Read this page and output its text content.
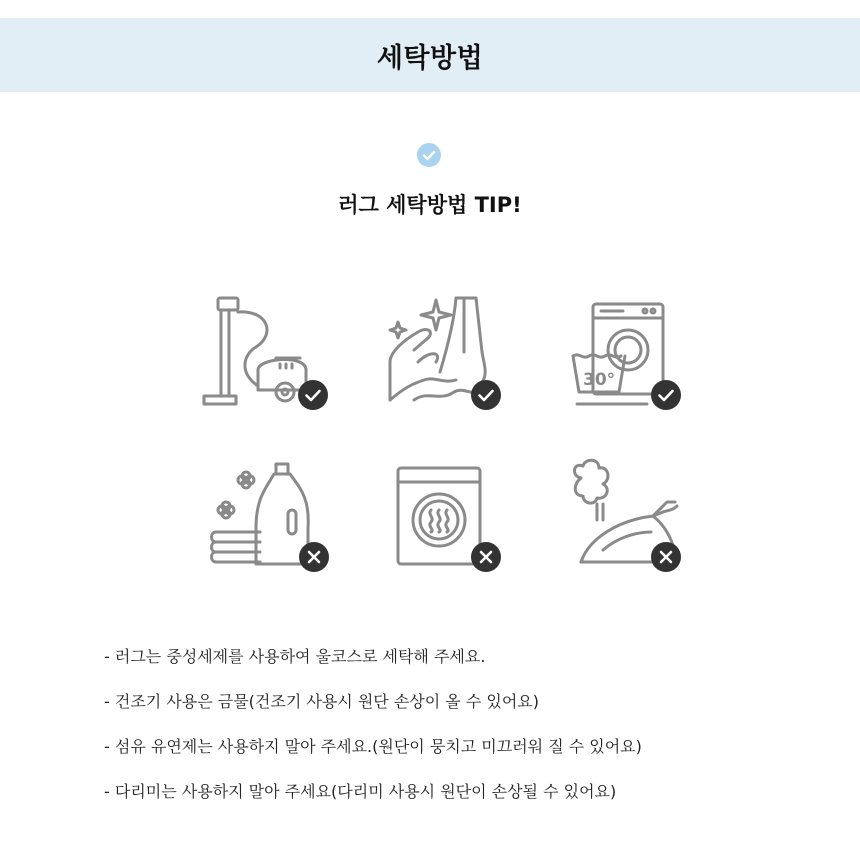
세탁방법
러그 세탁방법 TIP!
30°
- 러그는 중성세제를 사용하여 울코스로 세탁해 주세요.
- 건조기 사용은 금물(건조기 사용시 원단 손상이 올 수 있어요)
- 섬유 유연제는 사용하지 말아 주세요.(원단이 뭉치고 미끄러워 질 수 있어요)
- 다리미는 사용하지 말아 주세요(다리미 사용시 원단이 손상될 수 있어요)
